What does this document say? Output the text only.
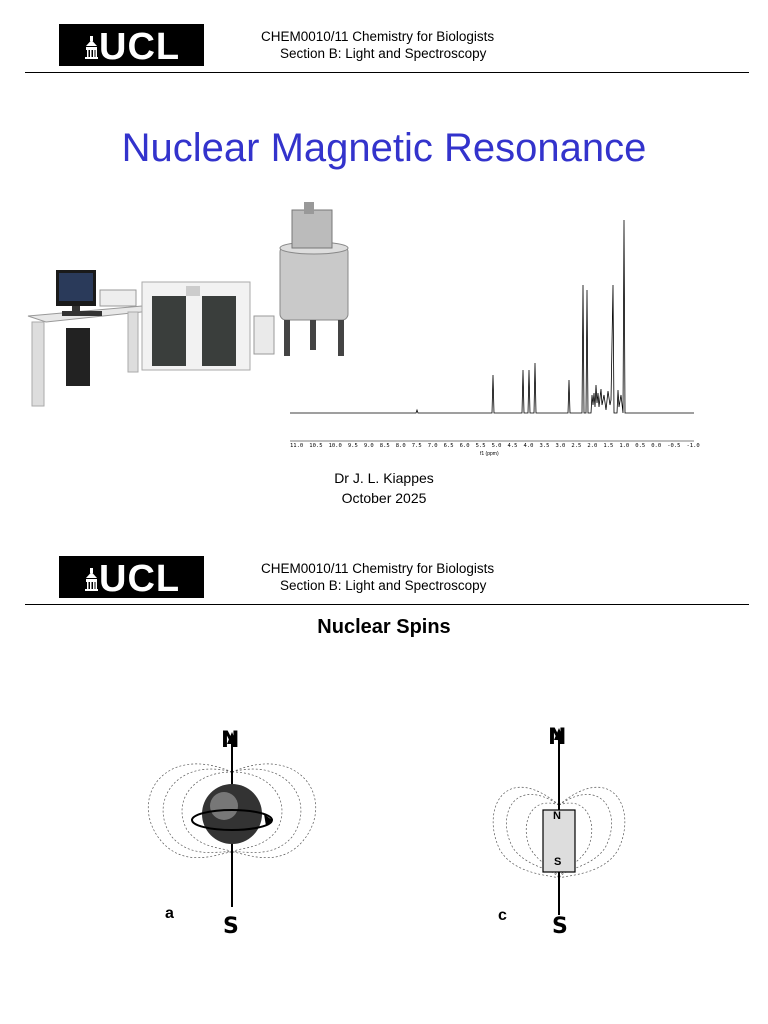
UCL	CHEM0010/11 Chemistry for Biologists
Section B: Light and Spectroscopy
Nuclear Magnetic Resonance
11.0 10.5 10.0 9.5 9.0 8.5 8.0 7.5 7.0 6.5 6.0 5.5 5.0 4.5 4.0 3.5 3.0 2.5 2.0 1.5 1.0 0.5 0.0 -0.5 -1.0
f1 (ppm)
Dr J. L. Kiappes
October 2025
UCL	CHEM0010/11 Chemistry for Biologists
Section B: Light and Spectroscopy
Nuclear Spins
N
S
a
N
S
N
S
c
